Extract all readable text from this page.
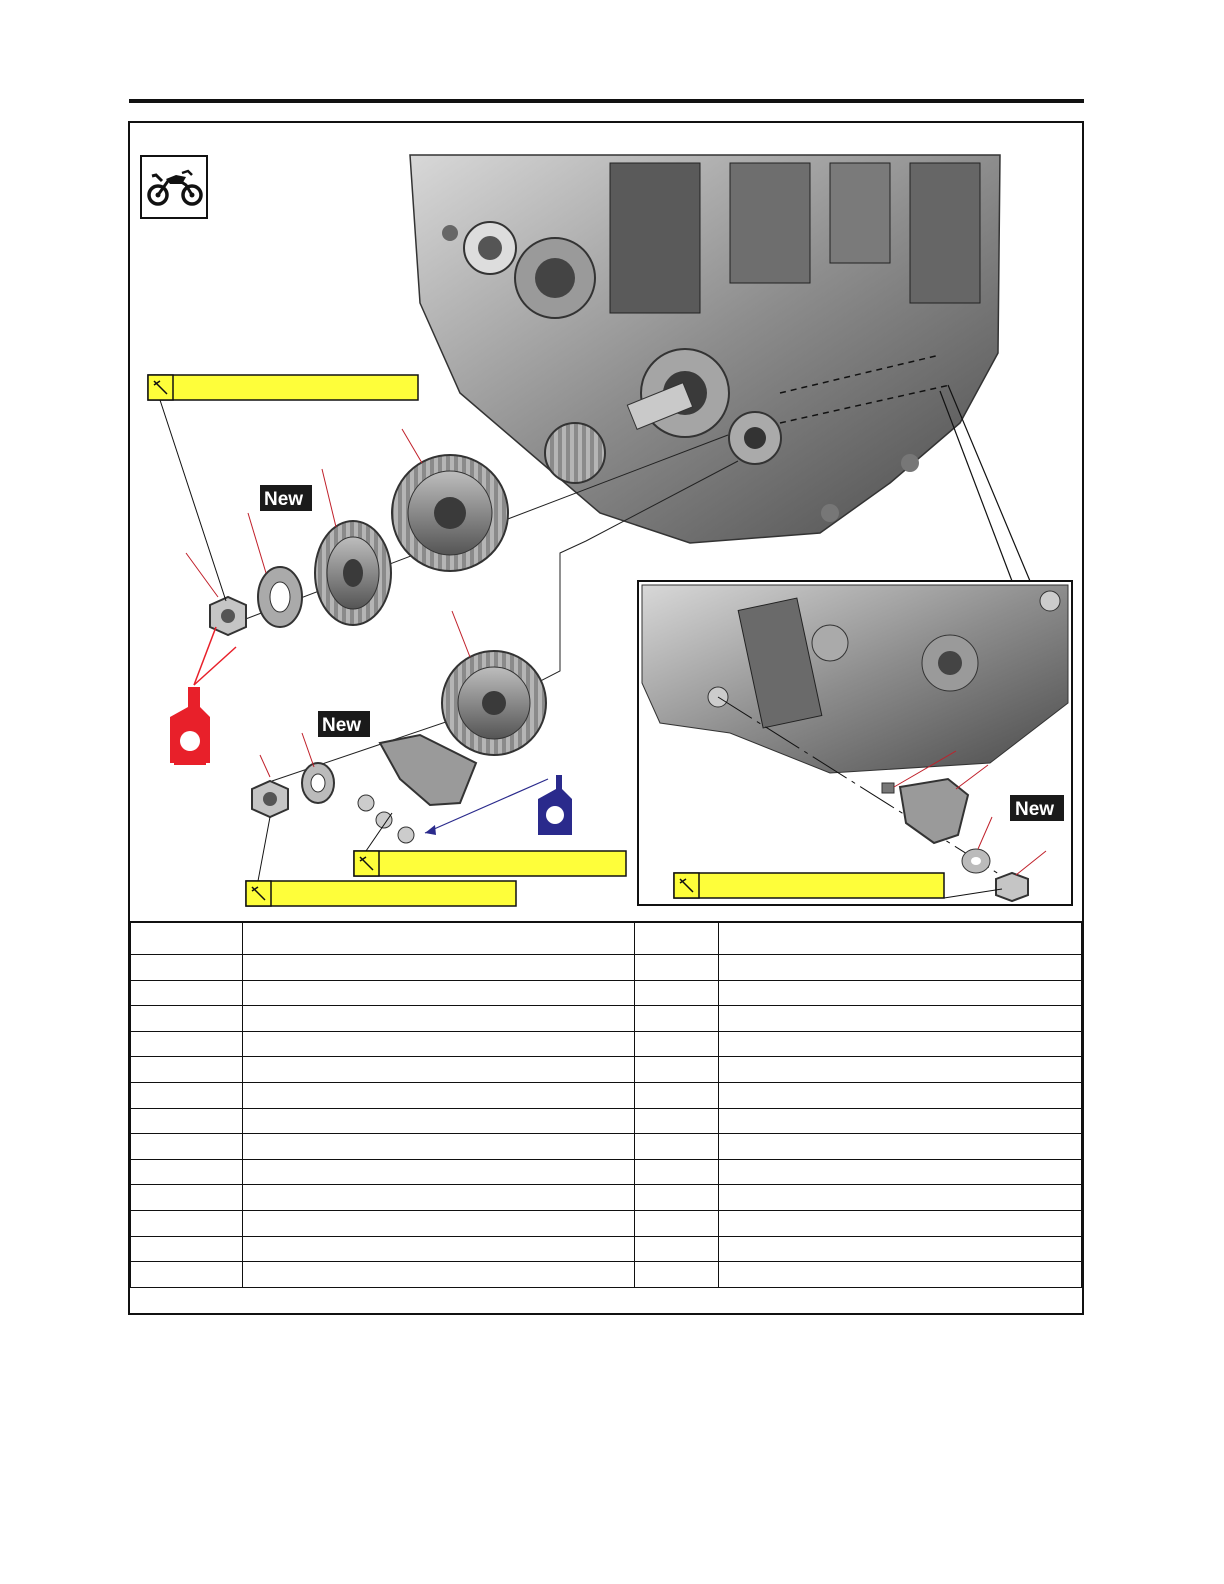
New
New
New
